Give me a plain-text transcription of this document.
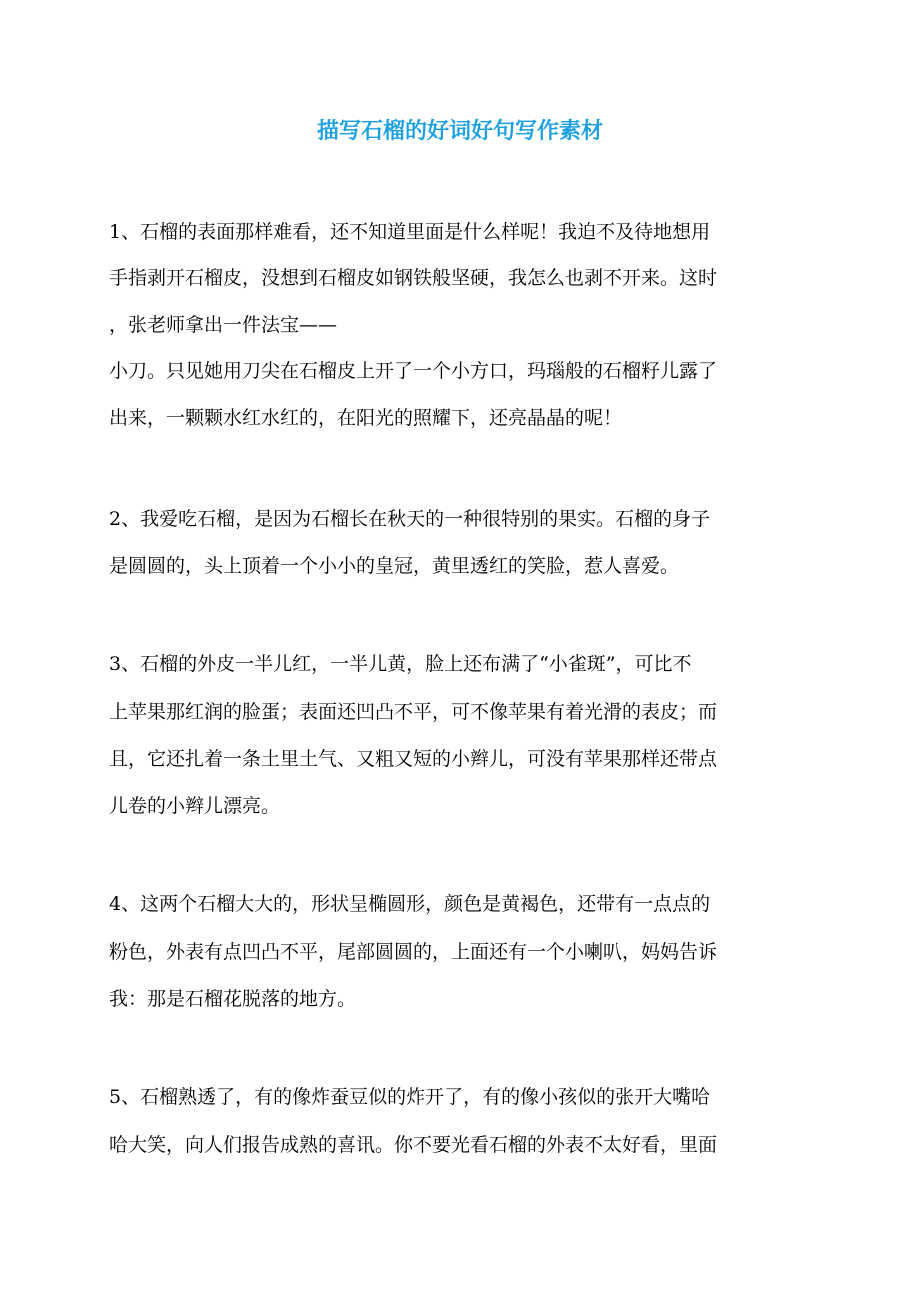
描写石榴的好词好句写作素材
1、石榴的表面那样难看，还不知道里面是什么样呢！我迫不及待地想用
手指剥开石榴皮，没想到石榴皮如钢铁般坚硬，我怎么也剥不开来。这时
，张老师拿出一件法宝——
小刀。只见她用刀尖在石榴皮上开了一个小方口，玛瑙般的石榴籽儿露了
出来，一颗颗水红水红的，在阳光的照耀下，还亮晶晶的呢！
2、我爱吃石榴，是因为石榴长在秋天的一种很特别的果实。石榴的身子
是圆圆的，头上顶着一个小小的皇冠，黄里透红的笑脸，惹人喜爱。
3、石榴的外皮一半儿红，一半儿黄，脸上还布满了“小雀斑”，可比不
上苹果那红润的脸蛋；表面还凹凸不平，可不像苹果有着光滑的表皮；而
且，它还扎着一条土里土气、又粗又短的小辫儿，可没有苹果那样还带点
儿卷的小辫儿漂亮。
4、这两个石榴大大的，形状呈椭圆形，颜色是黄褐色，还带有一点点的
粉色，外表有点凹凸不平，尾部圆圆的，上面还有一个小喇叭，妈妈告诉
我：那是石榴花脱落的地方。
5、石榴熟透了，有的像炸蚕豆似的炸开了，有的像小孩似的张开大嘴哈
哈大笑，向人们报告成熟的喜讯。你不要光看石榴的外表不太好看，里面
